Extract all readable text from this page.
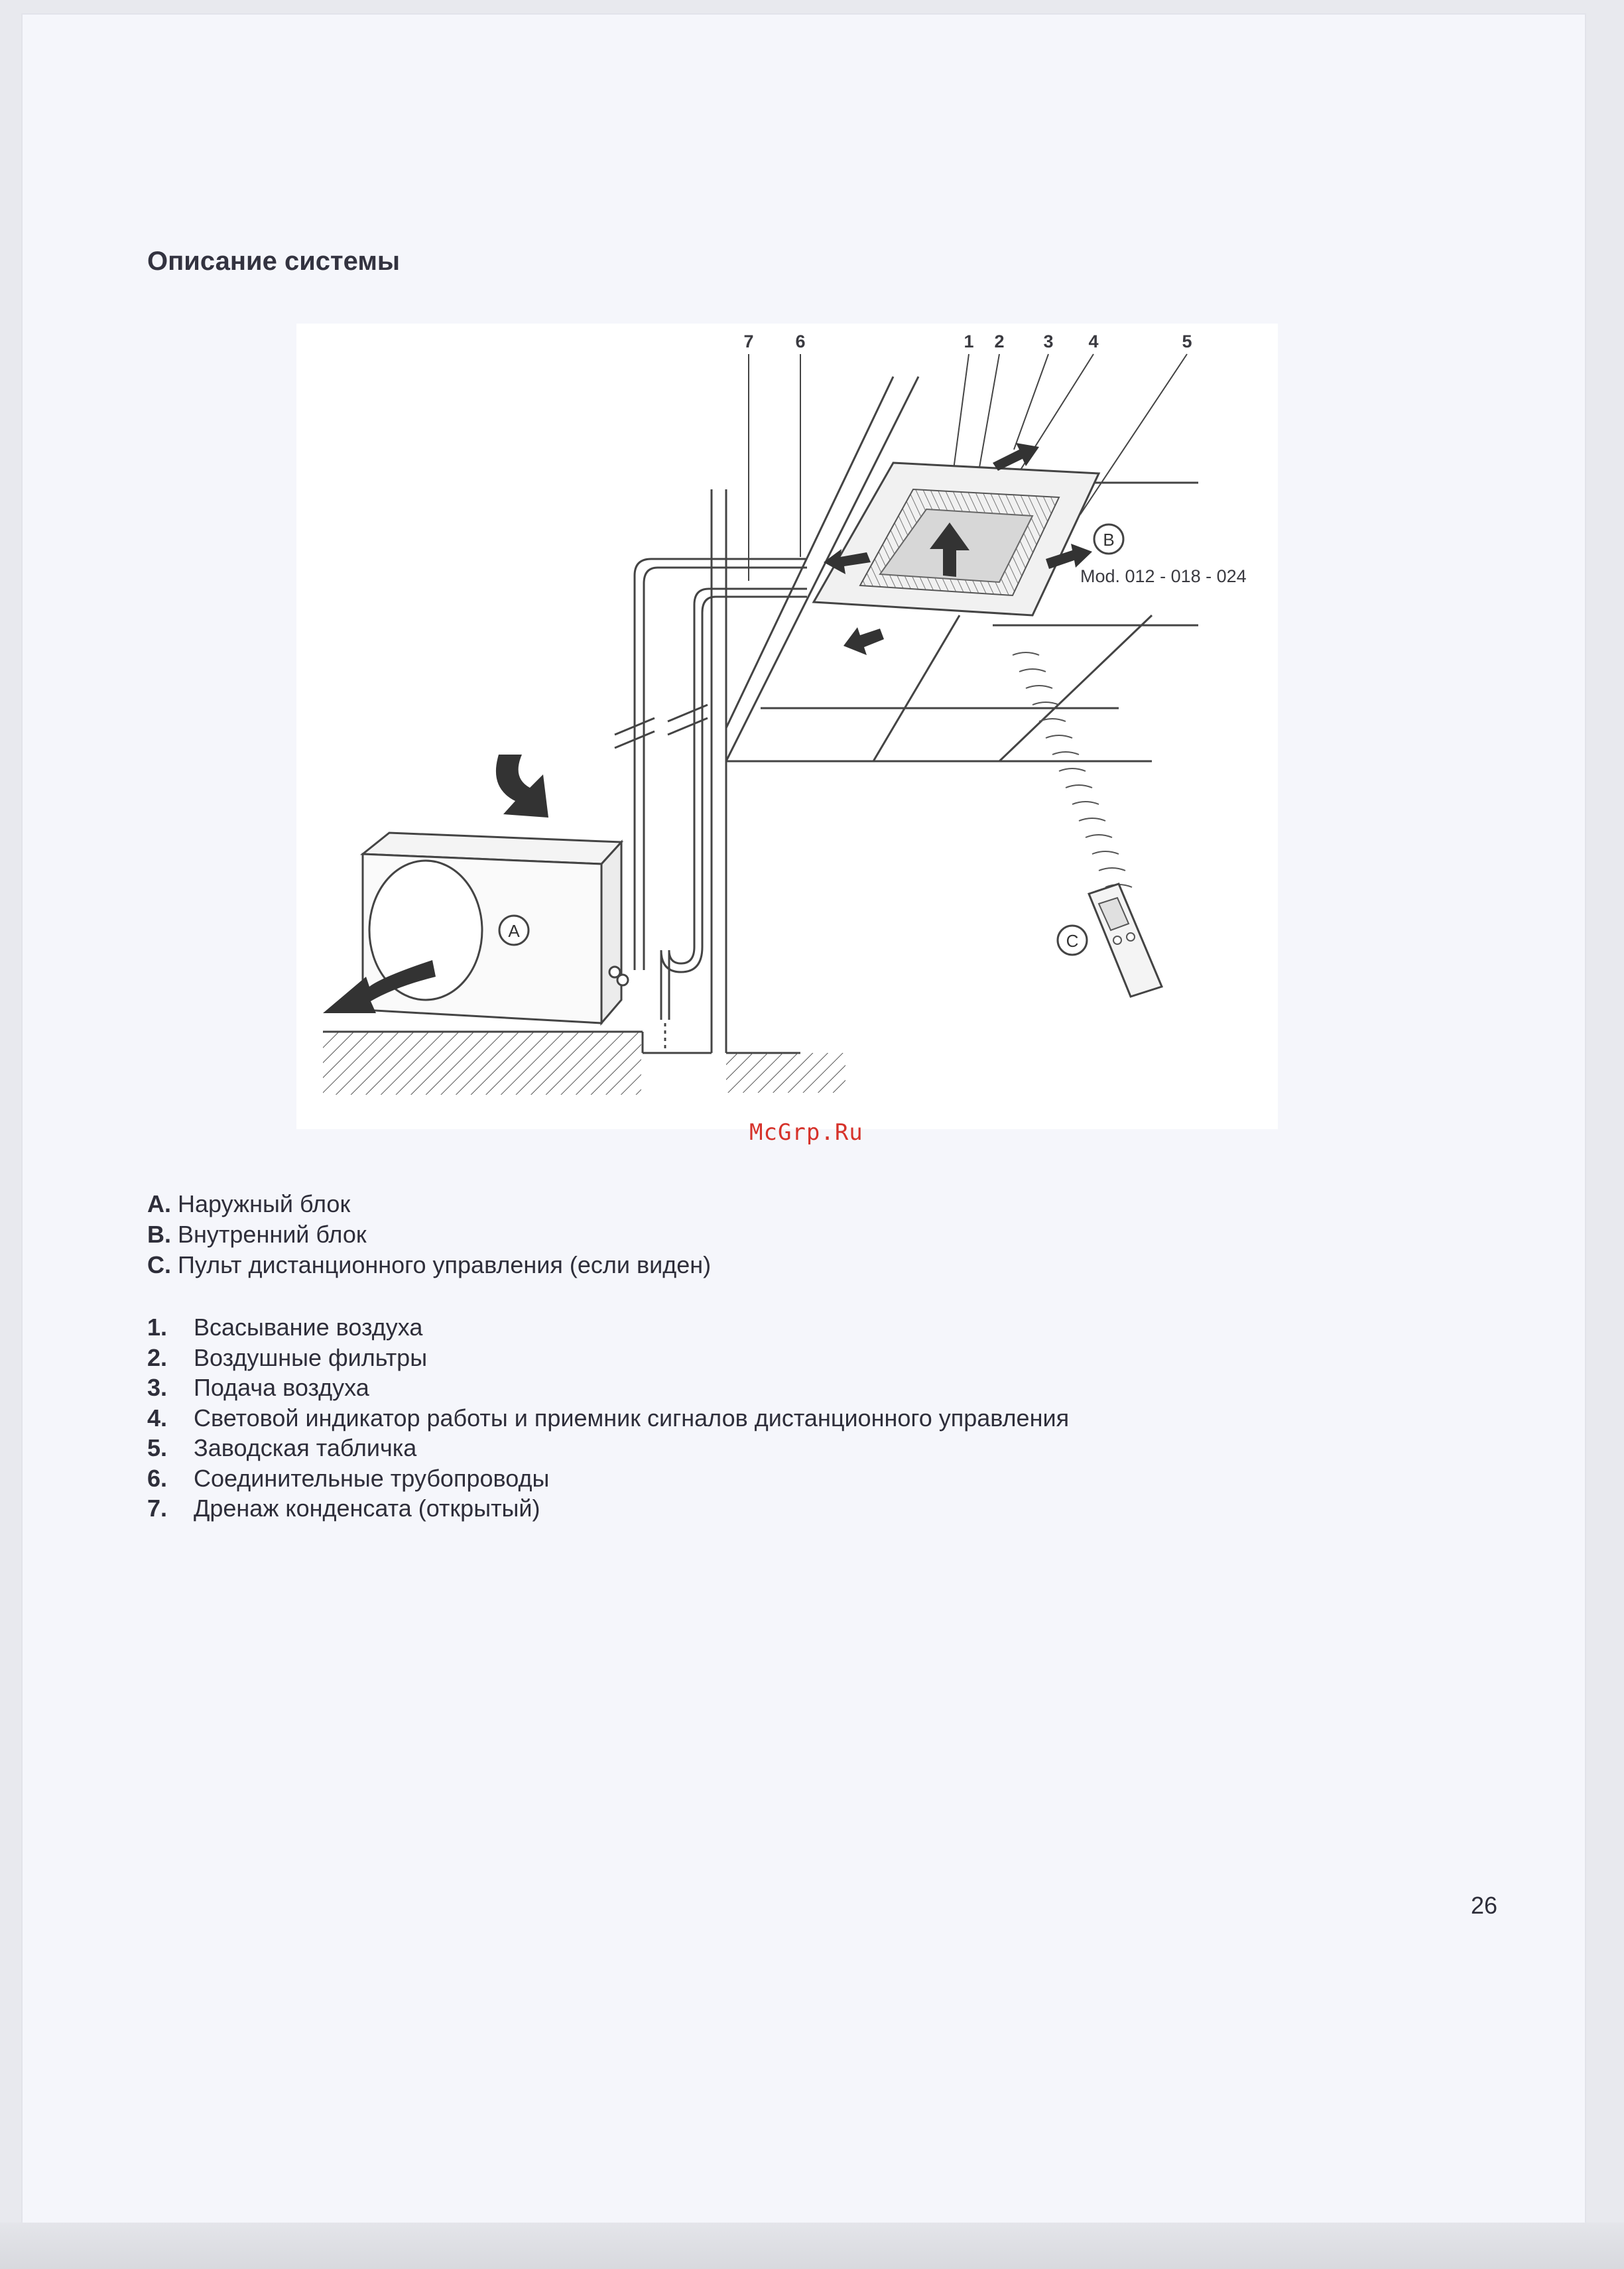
Описание системы
7 6	1 2 3 4	5
B
Mod. 012 - 018 - 024
A	C
McGrp.Ru
A. Наружный блок
B. Внутренний блок
C. Пульт дистанционного управления (если виден)
1. Всасывание воздуха
2. Воздушные фильтры
3. Подача воздуха
4. Световой индикатор работы и приемник сигналов дистанционного управления
5. Заводская табличка
6. Соединительные трубопроводы
7. Дренаж конденсата (открытый)
26
